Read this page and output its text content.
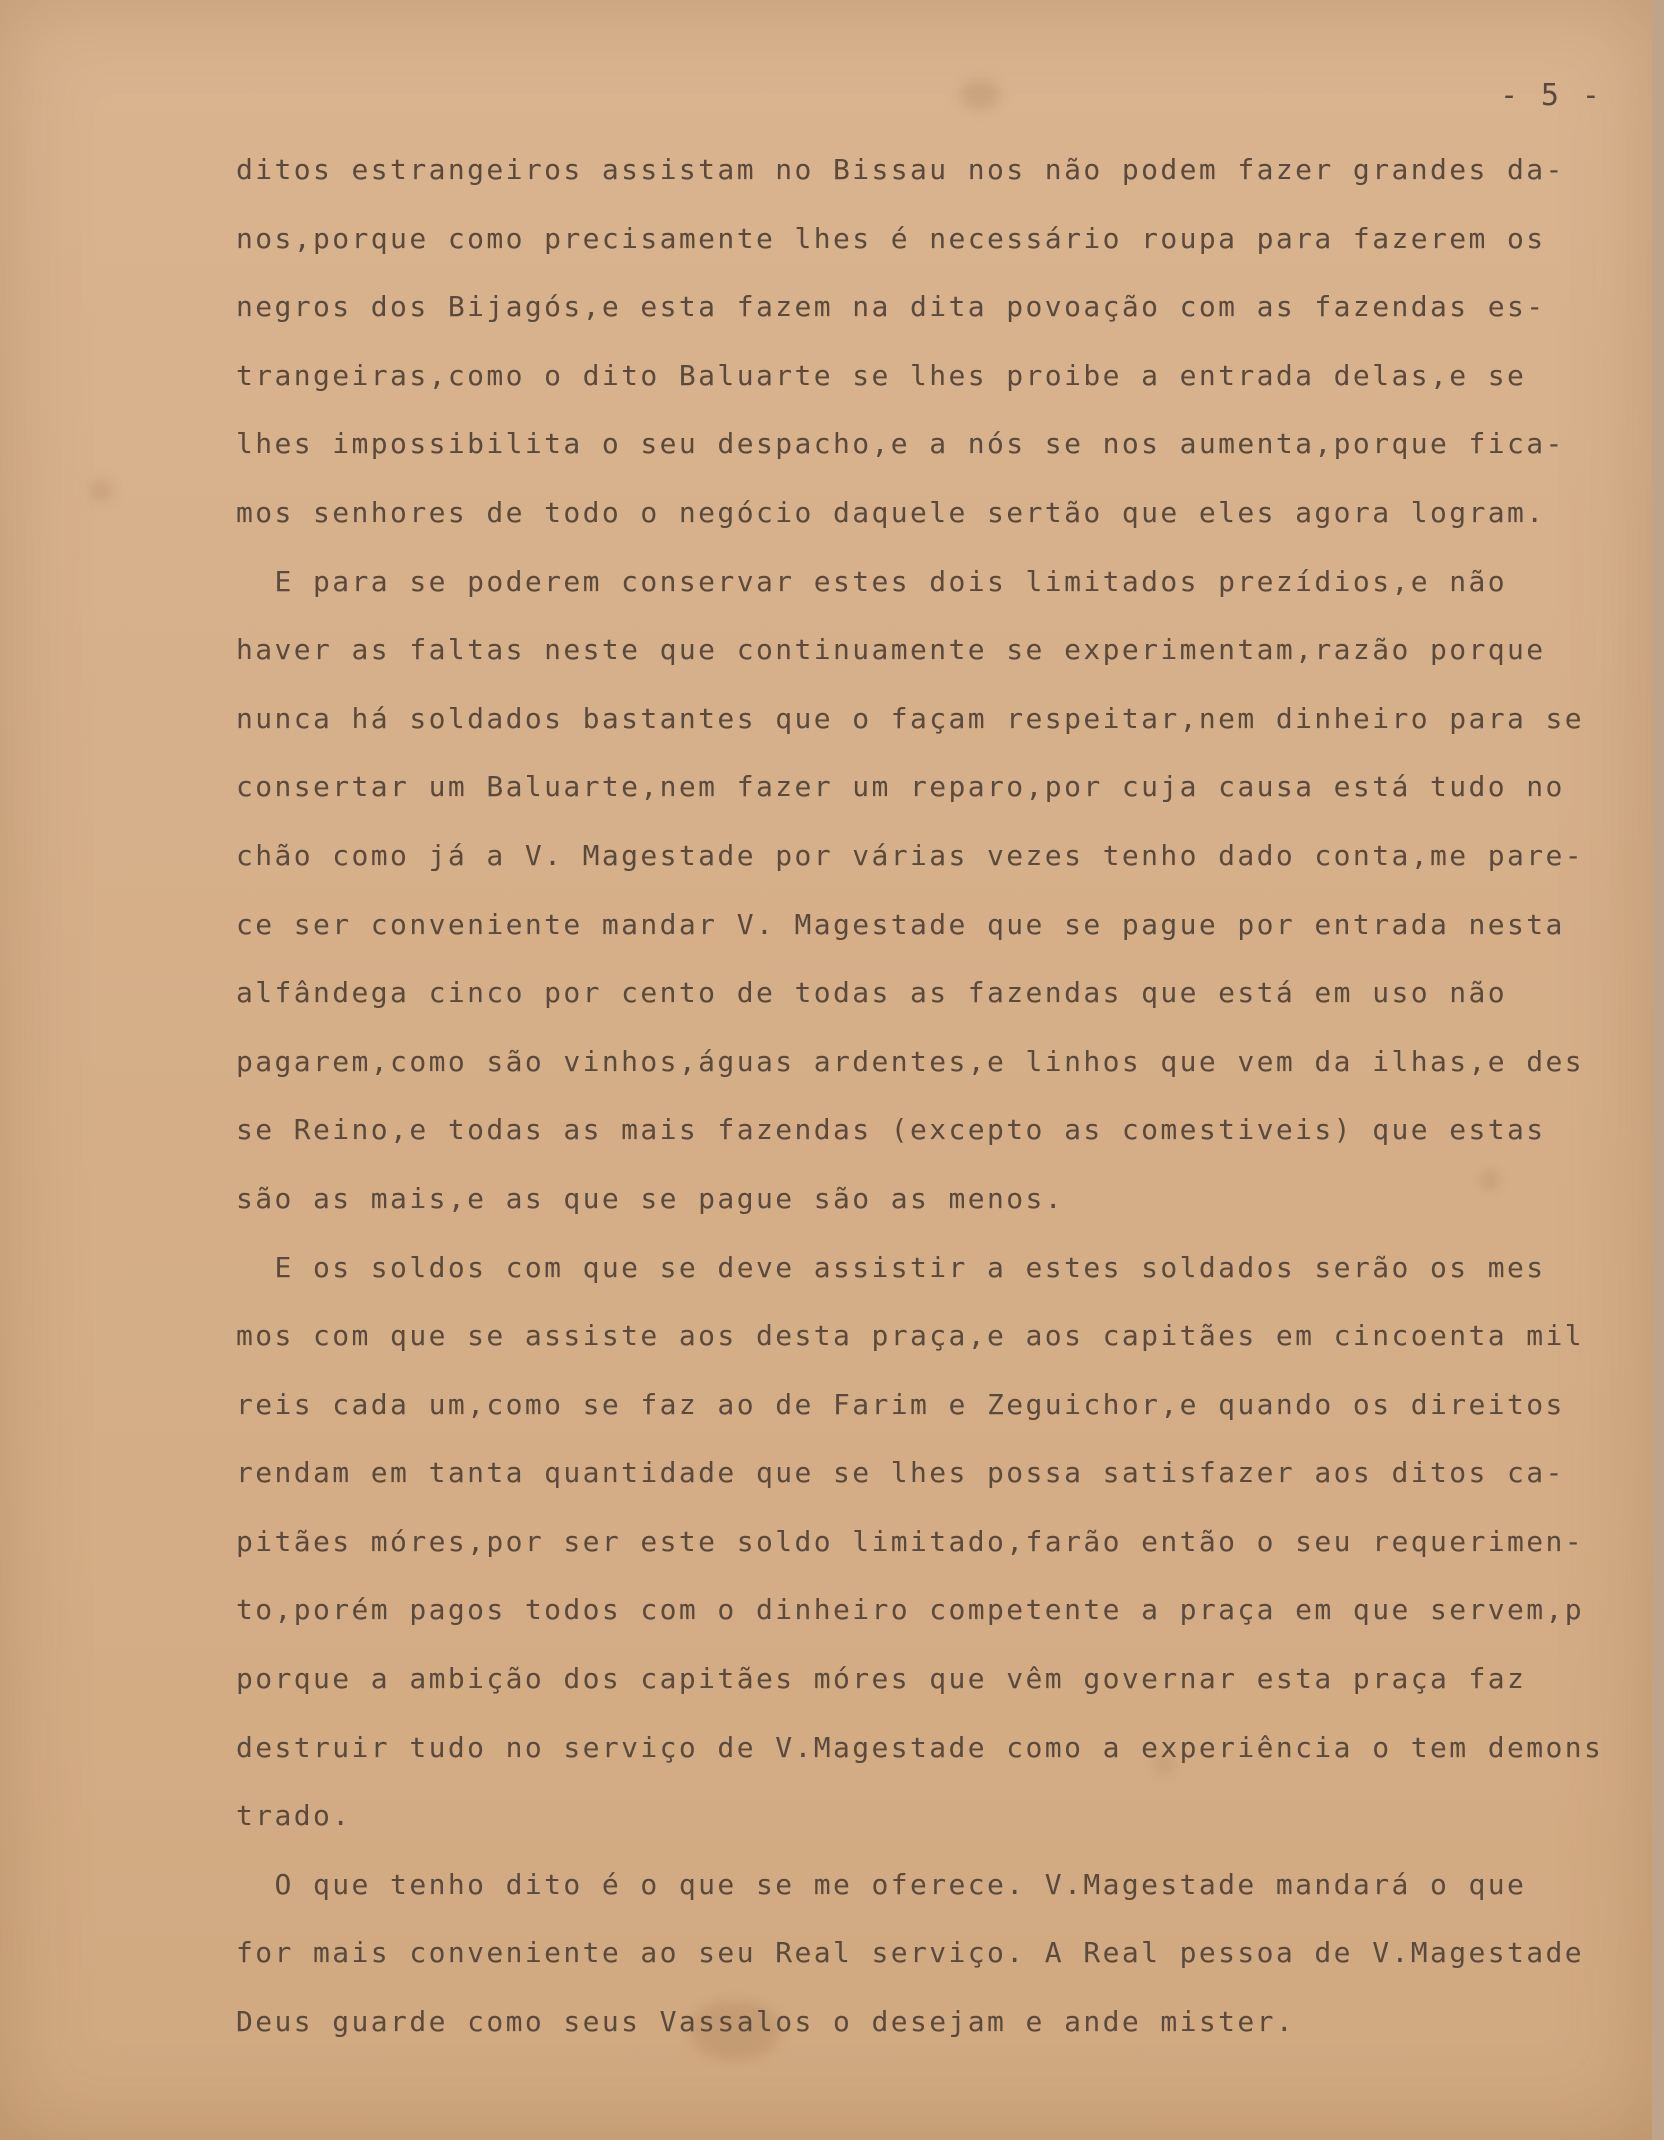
- 5 -

ditos estrangeiros assistam no Bissau nos não podem fazer grandes da-
nos,porque como precisamente lhes é necessário roupa para fazerem os
negros dos Bijagós,e esta fazem na dita povoação com as fazendas es-
trangeiras,como o dito Baluarte se lhes proibe a entrada delas,e se
lhes impossibilita o seu despacho,e a nós se nos aumenta,porque fica-
mos senhores de todo o negócio daquele sertão que eles agora logram.
E para se poderem conservar estes dois limitados prezídios,e não
haver as faltas neste que continuamente se experimentam,razão porque
nunca há soldados bastantes que o façam respeitar,nem dinheiro para se
consertar um Baluarte,nem fazer um reparo,por cuja causa está tudo no
chão como já a V. Magestade por várias vezes tenho dado conta,me pare-
ce ser conveniente mandar V. Magestade que se pague por entrada nesta
alfândega cinco por cento de todas as fazendas que está em uso não
pagarem,como são vinhos,águas ardentes,e linhos que vem da ilhas,e des
se Reino,e todas as mais fazendas (excepto as comestiveis) que estas
são as mais,e as que se pague são as menos.
E os soldos com que se deve assistir a estes soldados serão os mes
mos com que se assiste aos desta praça,e aos capitães em cincoenta mil
reis cada um,como se faz ao de Farim e Zeguichor,e quando os direitos
rendam em tanta quantidade que se lhes possa satisfazer aos ditos ca-
pitães móres,por ser este soldo limitado,farão então o seu requerimen-
to,porém pagos todos com o dinheiro competente a praça em que servem,p
porque a ambição dos capitães móres que vêm governar esta praça faz
destruir tudo no serviço de V.Magestade como a experiência o tem demons
trado.
O que tenho dito é o que se me oferece. V.Magestade mandará o que
for mais conveniente ao seu Real serviço. A Real pessoa de V.Magestade
Deus guarde como seus Vassalos o desejam e ande mister.
